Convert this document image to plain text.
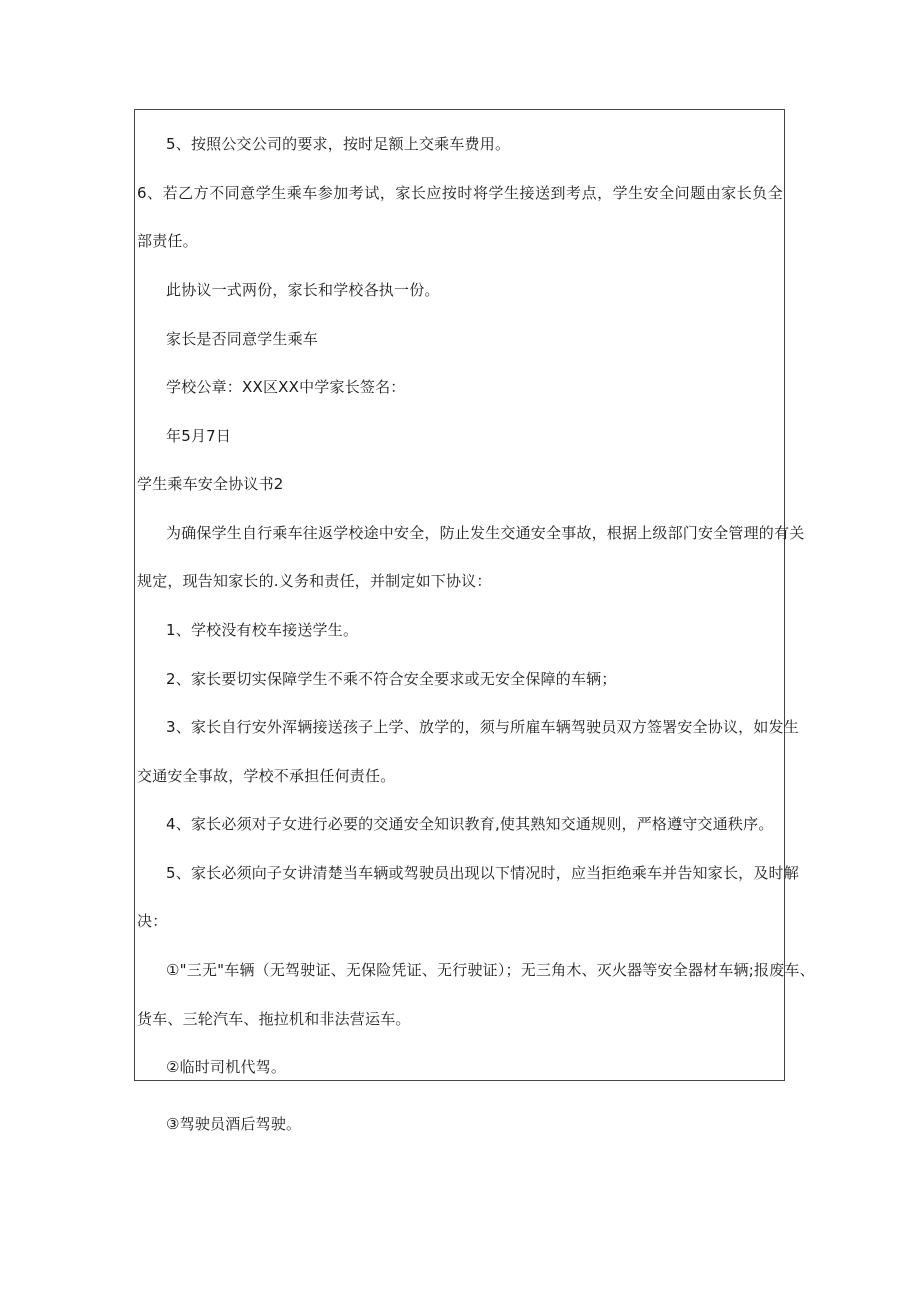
5、按照公交公司的要求，按时足额上交乘车费用。
6、若乙方不同意学生乘车参加考试，家长应按时将学生接送到考点，学生安全问题由家长负全
部责任。
此协议一式两份，家长和学校各执一份。
家长是否同意学生乘车
学校公章：XX区XX中学家长签名：
年5月7日
学生乘车安全协议书2
为确保学生自行乘车往返学校途中安全，防止发生交通安全事故，根据上级部门安全管理的有关
规定，现告知家长的.义务和责任，并制定如下协议：
1、学校没有校车接送学生。
2、家长要切实保障学生不乘不符合安全要求或无安全保障的车辆；
3、家长自行安外浑辆接送孩子上学、放学的，须与所雇车辆驾驶员双方签署安全协议，如发生
交通安全事故，学校不承担任何责任。
4、家长必须对子女进行必要的交通安全知识教育,使其熟知交通规则，严格遵守交通秩序。
5、家长必须向子女讲清楚当车辆或驾驶员出现以下情况时，应当拒绝乘车并告知家长，及时解
决：
①"三无"车辆（无驾驶证、无保险凭证、无行驶证）；无三角木、灭火器等安全器材车辆;报废车、
货车、三轮汽车、拖拉机和非法营运车。
②临时司机代驾。
③驾驶员酒后驾驶。
